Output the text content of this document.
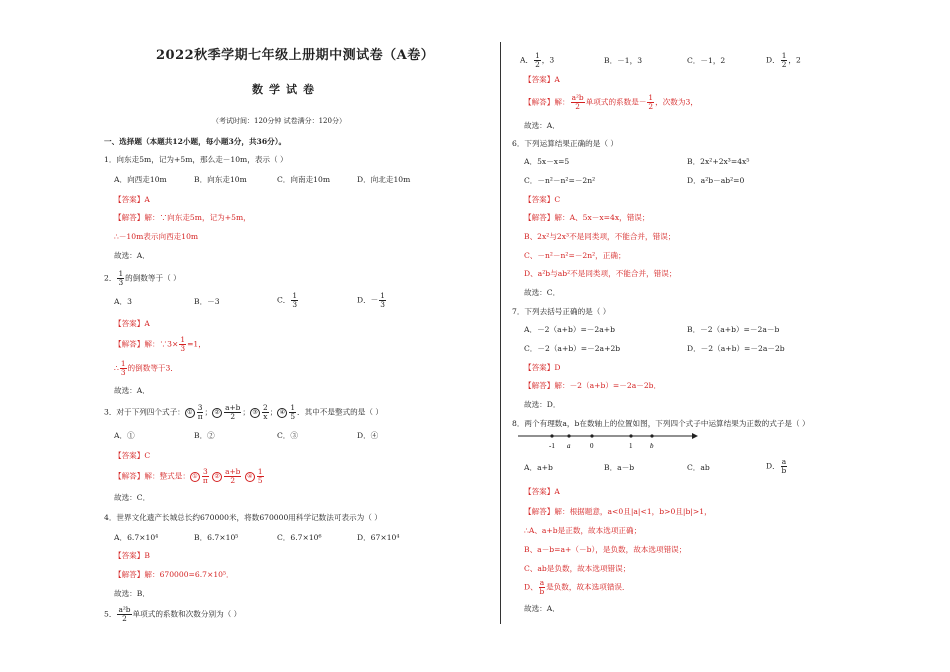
2022秋季学期七年级上册期中测试卷（A卷）
数学试卷
（考试时间：120分钟 试卷满分：120分）
一、选择题（本题共12小题，每小题3分，共36分）。
1．向东走5m，记为+5m，那么走－10m，表示（ ）
A．向西走10m	B．向东走10m	C．向南走10m	D．向北走10m
【答案】A
【解答】解：∵向东走5m，记为+5m，
∴－10m表示向西走10m
故选：A．
2． $\frac{1}{3}$ 的倒数等于（ ）
A．3	B．－3	C． $\frac{1}{3}$	D．－ $\frac{1}{3}$
【答案】A
【解答】解：∵3× $\frac{1}{3} =1$，
∴ $\frac{1}{3}$ 的倒数等于3．
故选：A．
3．对于下列四个式子： ① $\frac{3}{\pi}$ ； ② $\frac{a+b}{2}$ ； ③ $\frac{2}{x}$ ； ④ $\frac{1}{5}$ ．其中不是整式的是（ ）
A．①	B．②	C．③	D．④
【答案】C
【解答】解：整式是： ① $\frac{3}{\pi}$ ② $\frac{a+b}{2}$ ④ $\frac{1}{5}$
故选：C．
4．世界文化遗产长城总长约670000米，将数670000用科学记数法可表示为（ ）
A．6.7×10⁴	B．6.7×10⁵	C．6.7×10⁶	D．67×10⁴
【答案】B
【解答】解：670000=6.7×10⁵．
故选：B．
5． $\frac{\text{a²b}}{2}$ 单项式的系数和次数分别为（ ）
A． $\frac{1}{2}$ ，3	B．－1，3	C．－1，2	D． $\frac{1}{2}$ ，2
【答案】A
【解答】解： $\frac{\text{a²b}}{2}$ 单项式的系数是－ $\frac{1}{2}$ ，次数为3，
故选：A．
6．下列运算结果正确的是（ ）
A．5x－x=5	B．2x²+2x³=4x⁵
C．－n²－n²=－2n²	D．a²b－ab²=0
【答案】C
【解答】解：A、5x－x=4x，错误；
B、2x²与2x³不是同类项，不能合并，错误；
C、－n²－n²=－2n²，正确；
D、a²b与ab²不是同类项，不能合并，错误；
故选：C．
7．下列去括号正确的是（ ）
A．－2（a+b）=－2a+b	B．－2（a+b）=－2a－b
C．－2（a+b）=－2a+2b	D．－2（a+b）=－2a－2b
【答案】D
【解答】解：－2（a+b）=－2a－2b．
故选：D．
8．两个有理数a，b在数轴上的位置如图，下列四个式子中运算结果为正数的式子是（ ）
-1 a	0	1	b
A．a+b	B．a－b	C．ab	D． $\frac{a}{b}$
【答案】A
【解答】解：根据题意，a<0且|a|<1，b>0且|b|>1，
∴A、a+b是正数，故本选项正确；
B、a－b=a+（－b），是负数，故本选项错误；
C、ab是负数，故本选项错误；
D、 $\frac{a}{b}$ 是负数，故本选项错误．
故选：A．
